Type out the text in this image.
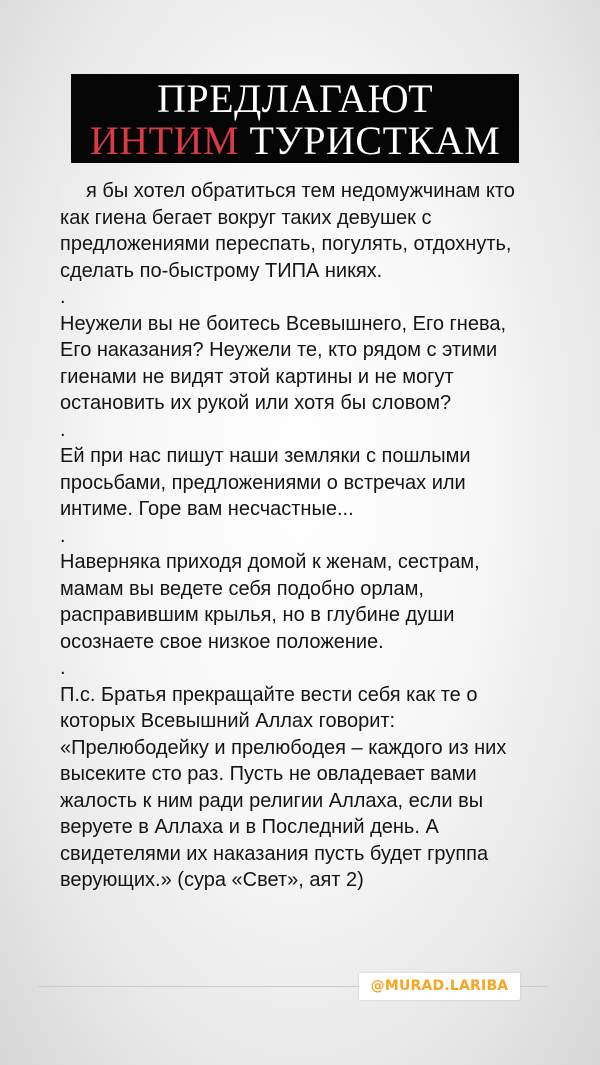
ПРЕДЛАГАЮТ
ИНТИМ ТУРИСТКАМ

я бы хотел обратиться тем недомужчинам кто как гиена бегает вокруг таких девушек с предложениями переспать, погулять, отдохнуть, сделать по-быстрому ТИПА никях.

.

Неужели вы не боитесь Всевышнего, Его гнева, Его наказания? Неужели те, кто рядом с этими гиенами не видят этой картины и не могут остановить их рукой или хотя бы словом?

.

Ей при нас пишут наши земляки с пошлыми просьбами, предложениями о встречах или интиме. Горе вам несчастные...

.

Наверняка приходя домой к женам, сестрам, мамам вы ведете себя подобно орлам, расправившим крылья, но в глубине души осознаете свое низкое положение.

.

П.с. Братья прекращайте вести себя как те о которых Всевышний Аллах говорит: «Прелюбодейку и прелюбодея – каждого из них высеките сто раз. Пусть не овладевает вами жалость к ним ради религии Аллаха, если вы веруете в Аллаха и в Последний день. А свидетелями их наказания пусть будет группа верующих.» (сура «Свет», аят 2)

@MURAD.LARIBA
